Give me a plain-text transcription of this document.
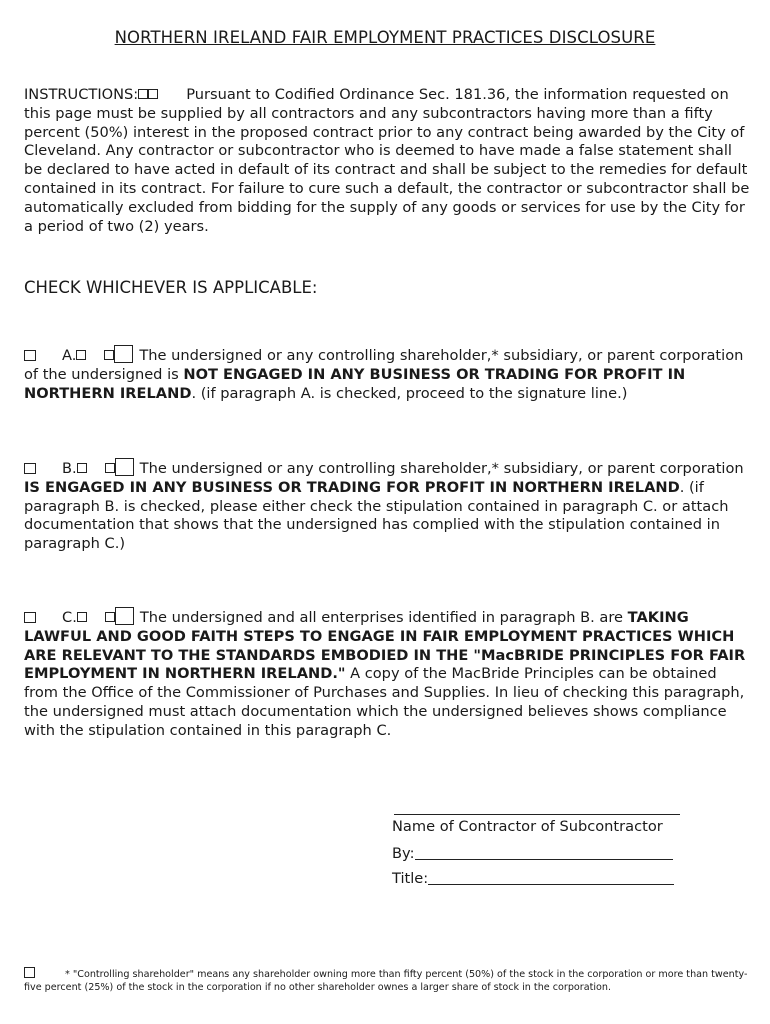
NORTHERN IRELAND FAIR EMPLOYMENT PRACTICES DISCLOSURE
INSTRUCTIONS:	Pursuant to Codified Ordinance Sec. 181.36, the information requested on this page must be supplied by all contractors and any subcontractors having more than a fifty percent (50%) interest in the proposed contract prior to any contract being awarded by the City of Cleveland. Any contractor or subcontractor who is deemed to have made a false statement shall be declared to have acted in default of its contract and shall be subject to the remedies for default contained in its contract. For failure to cure such a default, the contractor or subcontractor shall be automatically excluded from bidding for the supply of any goods or services for use by the City for a period of two (2) years.
CHECK WHICHEVER IS APPLICABLE:
A.	The undersigned or any controlling shareholder,* subsidiary, or parent corporation of the undersigned is NOT ENGAGED IN ANY BUSINESS OR TRADING FOR PROFIT IN NORTHERN IRELAND. (if paragraph A. is checked, proceed to the signature line.)
B.	The undersigned or any controlling shareholder,* subsidiary, or parent corporation IS ENGAGED IN ANY BUSINESS OR TRADING FOR PROFIT IN NORTHERN IRELAND. (if paragraph B. is checked, please either check the stipulation contained in paragraph C. or attach documentation that shows that the undersigned has complied with the stipulation contained in paragraph C.)
C.	The undersigned and all enterprises identified in paragraph B. are TAKING LAWFUL AND GOOD FAITH STEPS TO ENGAGE IN FAIR EMPLOYMENT PRACTICES WHICH ARE RELEVANT TO THE STANDARDS EMBODIED IN THE "MacBRIDE PRINCIPLES FOR FAIR EMPLOYMENT IN NORTHERN IRELAND." A copy of the MacBride Principles can be obtained from the Office of the Commissioner of Purchases and Supplies. In lieu of checking this paragraph, the undersigned must attach documentation which the undersigned believes shows compliance with the stipulation contained in this paragraph C.
Name of Contractor of Subcontractor
By:
Title:
* "Controlling shareholder" means any shareholder owning more than fifty percent (50%) of the stock in the corporation or more than twenty-five percent (25%) of the stock in the corporation if no other shareholder ownes a larger share of stock in the corporation.
